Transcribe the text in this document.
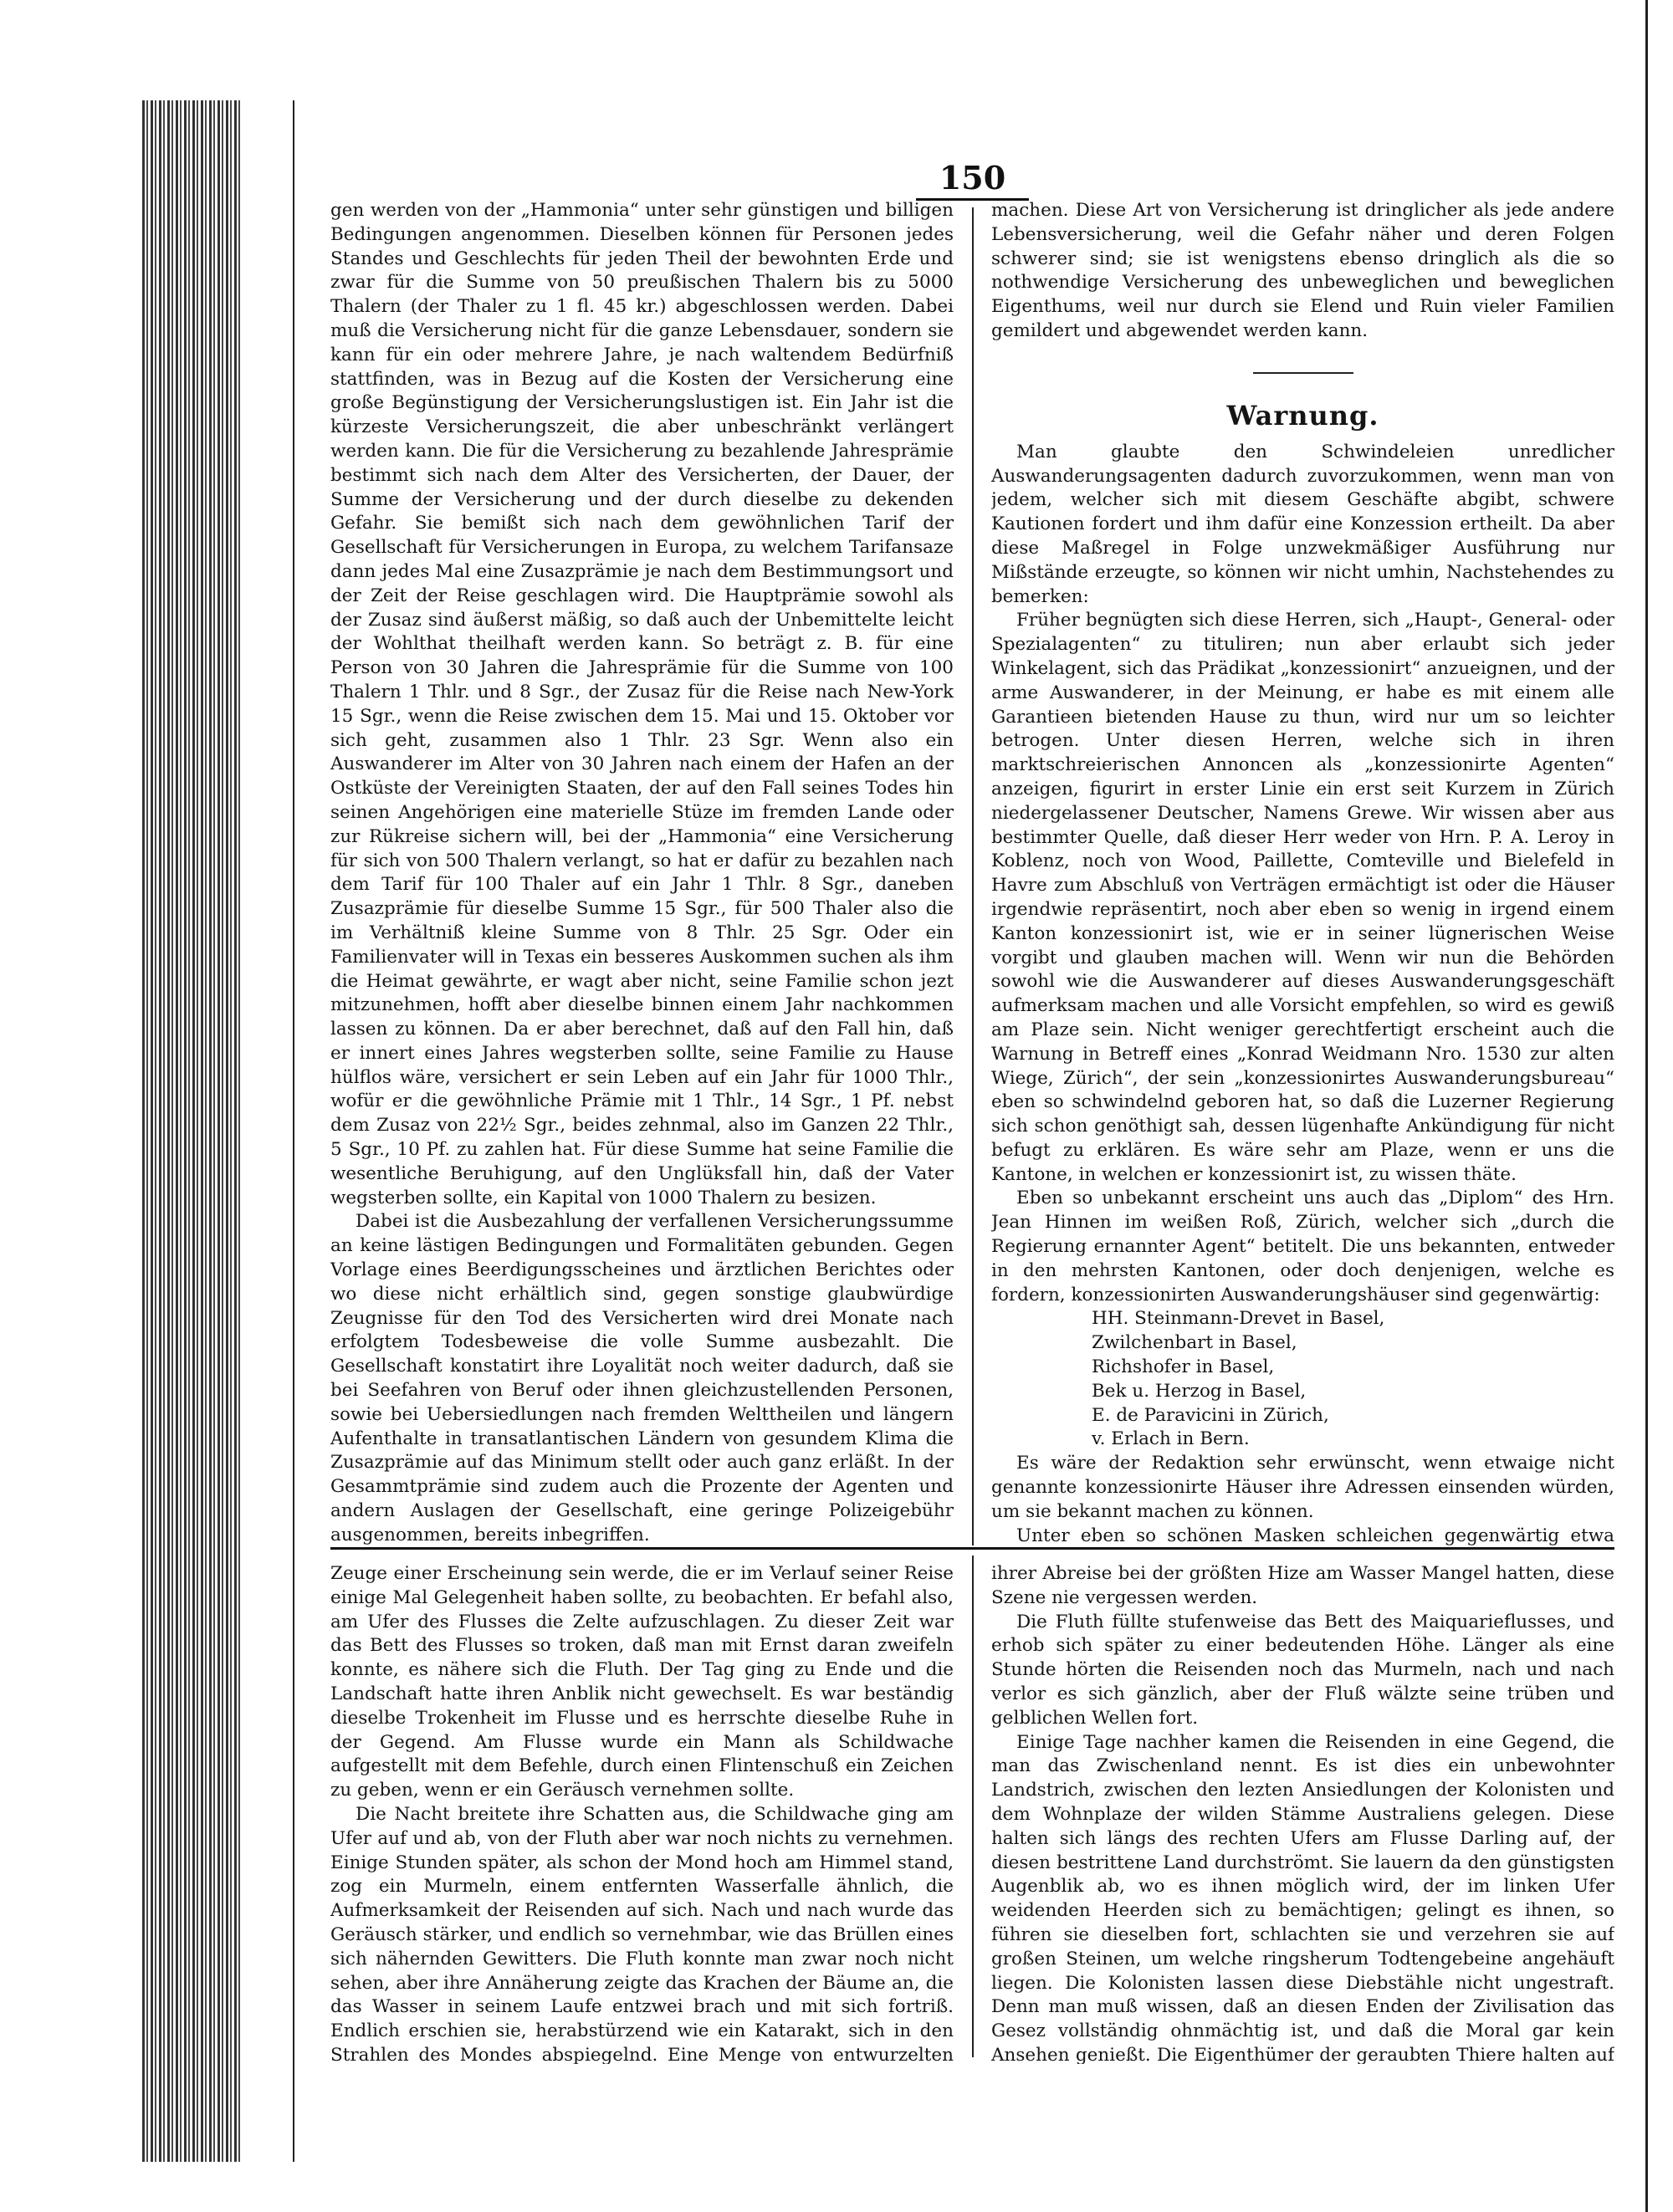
150

gen werden von der „Hammonia“ unter sehr günstigen und billigen Bedingungen angenommen. Dieselben können für Personen jedes Standes und Geschlechts für jeden Theil der bewohnten Erde und zwar für die Summe von 50 preußischen Thalern bis zu 5000 Thalern (der Thaler zu 1 fl. 45 kr.) abgeschlossen werden. Dabei muß die Versicherung nicht für die ganze Lebensdauer, sondern sie kann für ein oder mehrere Jahre, je nach waltendem Bedürfniß stattfinden, was in Bezug auf die Kosten der Versicherung eine große Begünstigung der Versicherungslustigen ist. Ein Jahr ist die kürzeste Versicherungszeit, die aber unbeschränkt verlängert werden kann. Die für die Versicherung zu bezahlende Jahresprämie bestimmt sich nach dem Alter des Versicherten, der Dauer, der Summe der Versicherung und der durch dieselbe zu dekenden Gefahr. Sie bemißt sich nach dem gewöhnlichen Tarif der Gesellschaft für Versicherungen in Europa, zu welchem Tarifansaze dann jedes Mal eine Zusazprämie je nach dem Bestimmungsort und der Zeit der Reise geschlagen wird. Die Hauptprämie sowohl als der Zusaz sind äußerst mäßig, so daß auch der Unbemittelte leicht der Wohlthat theilhaft werden kann. So beträgt z. B. für eine Person von 30 Jahren die Jahresprämie für die Summe von 100 Thalern 1 Thlr. und 8 Sgr., der Zusaz für die Reise nach New-York 15 Sgr., wenn die Reise zwischen dem 15. Mai und 15. Oktober vor sich geht, zusammen also 1 Thlr. 23 Sgr. Wenn also ein Auswanderer im Alter von 30 Jahren nach einem der Hafen an der Ostküste der Vereinigten Staaten, der auf den Fall seines Todes hin seinen Angehörigen eine materielle Stüze im fremden Lande oder zur Rükreise sichern will, bei der „Hammonia“ eine Versicherung für sich von 500 Thalern verlangt, so hat er dafür zu bezahlen nach dem Tarif für 100 Thaler auf ein Jahr 1 Thlr. 8 Sgr., daneben Zusazprämie für dieselbe Summe 15 Sgr., für 500 Thaler also die im Verhältniß kleine Summe von 8 Thlr. 25 Sgr. Oder ein Familienvater will in Texas ein besseres Auskommen suchen als ihm die Heimat gewährte, er wagt aber nicht, seine Familie schon jezt mitzunehmen, hofft aber dieselbe binnen einem Jahr nachkommen lassen zu können. Da er aber berechnet, daß auf den Fall hin, daß er innert eines Jahres wegsterben sollte, seine Familie zu Hause hülflos wäre, versichert er sein Leben auf ein Jahr für 1000 Thlr., wofür er die gewöhnliche Prämie mit 1 Thlr., 14 Sgr., 1 Pf. nebst dem Zusaz von 22½ Sgr., beides zehnmal, also im Ganzen 22 Thlr., 5 Sgr., 10 Pf. zu zahlen hat. Für diese Summe hat seine Familie die wesentliche Beruhigung, auf den Unglüksfall hin, daß der Vater wegsterben sollte, ein Kapital von 1000 Thalern zu besizen.

Dabei ist die Ausbezahlung der verfallenen Versicherungssumme an keine lästigen Bedingungen und Formalitäten gebunden. Gegen Vorlage eines Beerdigungsscheines und ärztlichen Berichtes oder wo diese nicht erhältlich sind, gegen sonstige glaubwürdige Zeugnisse für den Tod des Versicherten wird drei Monate nach erfolgtem Todesbeweise die volle Summe ausbezahlt. Die Gesellschaft konstatirt ihre Loyalität noch weiter dadurch, daß sie bei Seefahren von Beruf oder ihnen gleichzustellenden Personen, sowie bei Uebersiedlungen nach fremden Welttheilen und längern Aufenthalte in transatlantischen Ländern von gesundem Klima die Zusazprämie auf das Minimum stellt oder auch ganz erläßt. In der Gesammtprämie sind zudem auch die Prozente der Agenten und andern Auslagen der Gesellschaft, eine geringe Polizeigebühr ausgenommen, bereits inbegriffen.

machen. Diese Art von Versicherung ist dringlicher als jede andere Lebensversicherung, weil die Gefahr näher und deren Folgen schwerer sind; sie ist wenigstens ebenso dringlich als die so nothwendige Versicherung des unbeweglichen und beweglichen Eigenthums, weil nur durch sie Elend und Ruin vieler Familien gemildert und abgewendet werden kann.

Warnung.

Man glaubte den Schwindeleien unredlicher Auswanderungsagenten dadurch zuvorzukommen, wenn man von jedem, welcher sich mit diesem Geschäfte abgibt, schwere Kautionen fordert und ihm dafür eine Konzession ertheilt. Da aber diese Maßregel in Folge unzwekmäßiger Ausführung nur Mißstände erzeugte, so können wir nicht umhin, Nachstehendes zu bemerken:

Früher begnügten sich diese Herren, sich „Haupt-, General- oder Spezialagenten“ zu tituliren; nun aber erlaubt sich jeder Winkelagent, sich das Prädikat „konzessionirt“ anzueignen, und der arme Auswanderer, in der Meinung, er habe es mit einem alle Garantieen bietenden Hause zu thun, wird nur um so leichter betrogen. Unter diesen Herren, welche sich in ihren marktschreierischen Annoncen als „konzessionirte Agenten“ anzeigen, figurirt in erster Linie ein erst seit Kurzem in Zürich niedergelassener Deutscher, Namens Grewe. Wir wissen aber aus bestimmter Quelle, daß dieser Herr weder von Hrn. P. A. Leroy in Koblenz, noch von Wood, Paillette, Comteville und Bielefeld in Havre zum Abschluß von Verträgen ermächtigt ist oder die Häuser irgendwie repräsentirt, noch aber eben so wenig in irgend einem Kanton konzessionirt ist, wie er in seiner lügnerischen Weise vorgibt und glauben machen will. Wenn wir nun die Behörden sowohl wie die Auswanderer auf dieses Auswanderungsgeschäft aufmerksam machen und alle Vorsicht empfehlen, so wird es gewiß am Plaze sein. Nicht weniger gerechtfertigt erscheint auch die Warnung in Betreff eines „Konrad Weidmann Nro. 1530 zur alten Wiege, Zürich“, der sein „konzessionirtes Auswanderungsbureau“ eben so schwindelnd geboren hat, so daß die Luzerner Regierung sich schon genöthigt sah, dessen lügenhafte Ankündigung für nicht befugt zu erklären. Es wäre sehr am Plaze, wenn er uns die Kantone, in welchen er konzessionirt ist, zu wissen thäte.

Eben so unbekannt erscheint uns auch das „Diplom“ des Hrn. Jean Hinnen im weißen Roß, Zürich, welcher sich „durch die Regierung ernannter Agent“ betitelt. Die uns bekannten, entweder in den mehrsten Kantonen, oder doch denjenigen, welche es fordern, konzessionirten Auswanderungshäuser sind gegenwärtig:

HH. Steinmann-Drevet in Basel,
Zwilchenbart in Basel,
Richshofer in Basel,
Bek u. Herzog in Basel,
E. de Paravicini in Zürich,
v. Erlach in Bern.

Es wäre der Redaktion sehr erwünscht, wenn etwaige nicht genannte konzessionirte Häuser ihre Adressen einsenden würden, um sie bekannt machen zu können.

Unter eben so schönen Masken schleichen gegenwärtig etwa

Zeuge einer Erscheinung sein werde, die er im Verlauf seiner Reise einige Mal Gelegenheit haben sollte, zu beobachten. Er befahl also, am Ufer des Flusses die Zelte aufzuschlagen. Zu dieser Zeit war das Bett des Flusses so troken, daß man mit Ernst daran zweifeln konnte, es nähere sich die Fluth. Der Tag ging zu Ende und die Landschaft hatte ihren Anblik nicht gewechselt. Es war beständig dieselbe Trokenheit im Flusse und es herrschte dieselbe Ruhe in der Gegend. Am Flusse wurde ein Mann als Schildwache aufgestellt mit dem Befehle, durch einen Flintenschuß ein Zeichen zu geben, wenn er ein Geräusch vernehmen sollte.

Die Nacht breitete ihre Schatten aus, die Schildwache ging am Ufer auf und ab, von der Fluth aber war noch nichts zu vernehmen. Einige Stunden später, als schon der Mond hoch am Himmel stand, zog ein Murmeln, einem entfernten Wasserfalle ähnlich, die Aufmerksamkeit der Reisenden auf sich. Nach und nach wurde das Geräusch stärker, und endlich so vernehmbar, wie das Brüllen eines sich nähernden Gewitters. Die Fluth konnte man zwar noch nicht sehen, aber ihre Annäherung zeigte das Krachen der Bäume an, die das Wasser in seinem Laufe entzwei brach und mit sich fortriß. Endlich erschien sie, herabstürzend wie ein Katarakt, sich in den Strahlen des Mondes abspiegelnd. Eine Menge von entwurzelten

ihrer Abreise bei der größten Hize am Wasser Mangel hatten, diese Szene nie vergessen werden.

Die Fluth füllte stufenweise das Bett des Maiquarieflusses, und erhob sich später zu einer bedeutenden Höhe. Länger als eine Stunde hörten die Reisenden noch das Murmeln, nach und nach verlor es sich gänzlich, aber der Fluß wälzte seine trüben und gelblichen Wellen fort.

Einige Tage nachher kamen die Reisenden in eine Gegend, die man das Zwischenland nennt. Es ist dies ein unbewohnter Landstrich, zwischen den lezten Ansiedlungen der Kolonisten und dem Wohnplaze der wilden Stämme Australiens gelegen. Diese halten sich längs des rechten Ufers am Flusse Darling auf, der diesen bestrittene Land durchströmt. Sie lauern da den günstigsten Augenblik ab, wo es ihnen möglich wird, der im linken Ufer weidenden Heerden sich zu bemächtigen; gelingt es ihnen, so führen sie dieselben fort, schlachten sie und verzehren sie auf großen Steinen, um welche ringsherum Todtengebeine angehäuft liegen. Die Kolonisten lassen diese Diebstähle nicht ungestraft. Denn man muß wissen, daß an diesen Enden der Zivilisation das Gesez vollständig ohnmächtig ist, und daß die Moral gar kein Ansehen genießt. Die Eigenthümer der geraubten Thiere halten auf
